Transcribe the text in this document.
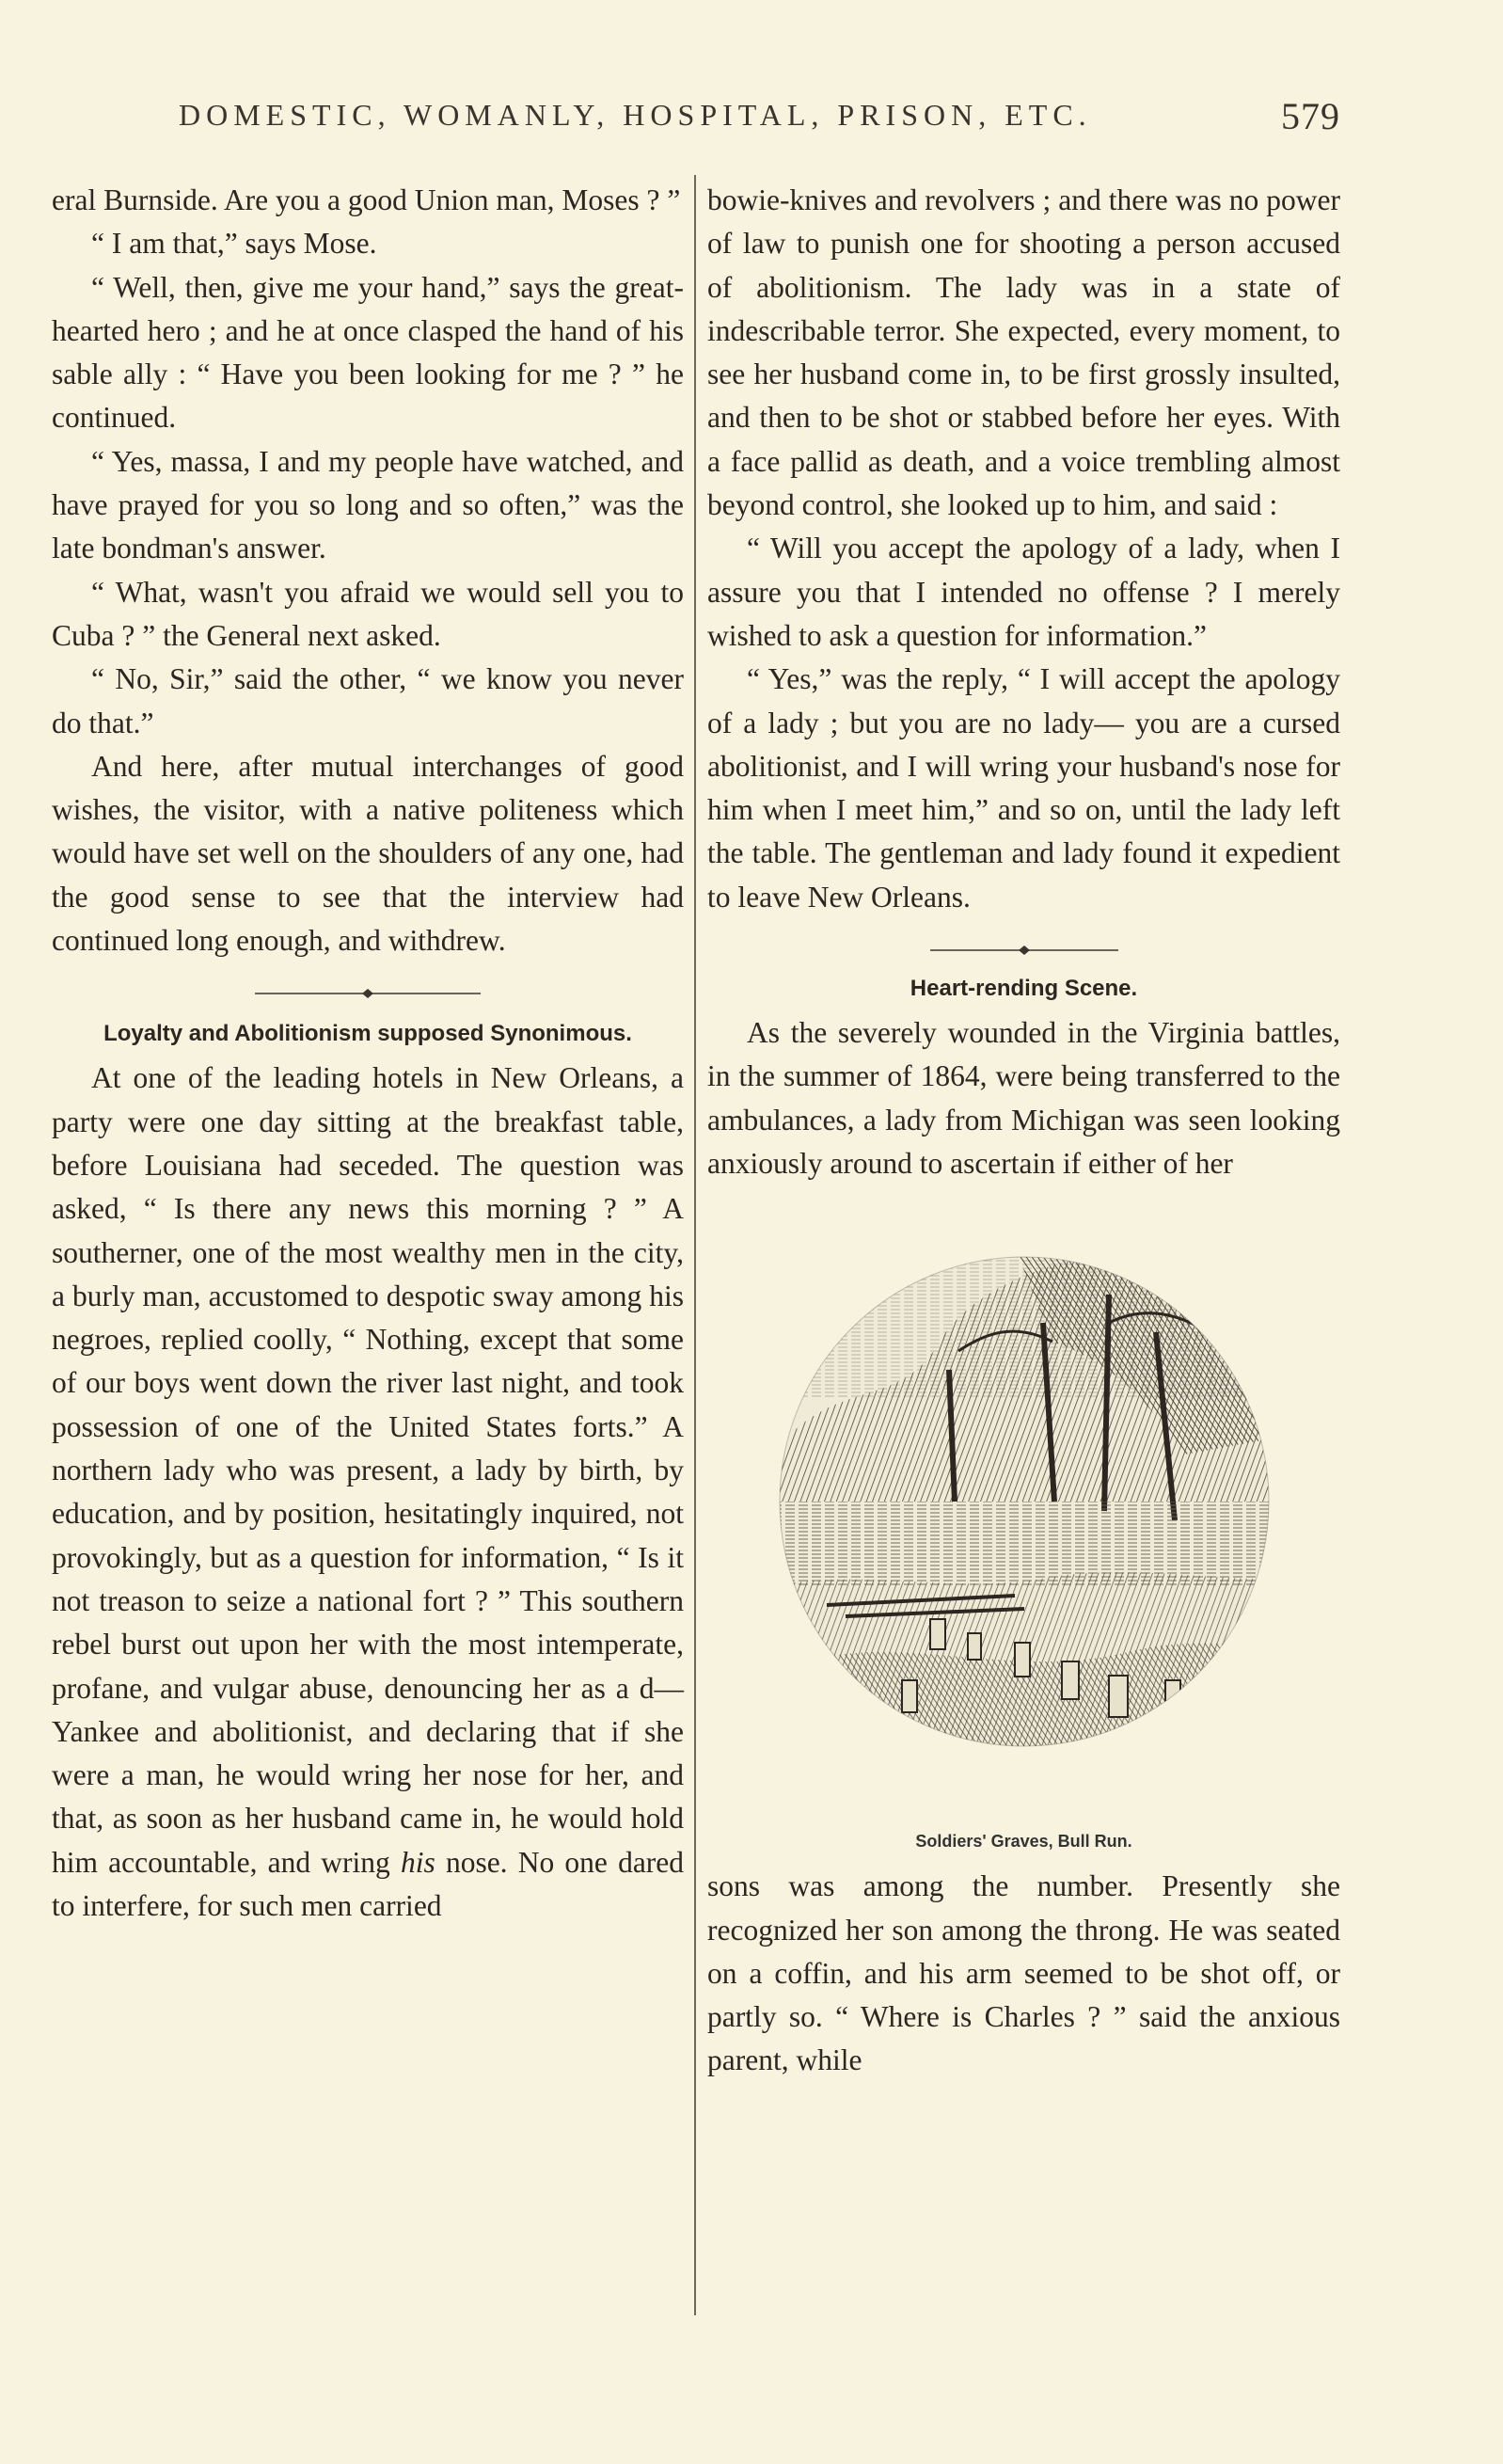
DOMESTIC, WOMANLY, HOSPITAL, PRISON, ETC.	579

eral Burnside. Are you a good Union man, Moses ? ”

“ I am that,” says Mose.

“ Well, then, give me your hand,” says the great-hearted hero ; and he at once clasped the hand of his sable ally : “ Have you been looking for me ? ” he continued.

“ Yes, massa, I and my people have watched, and have prayed for you so long and so often,” was the late bondman's answer.

“ What, wasn't you afraid we would sell you to Cuba ? ” the General next asked.

“ No, Sir,” said the other, “ we know you never do that.”

And here, after mutual interchanges of good wishes, the visitor, with a native politeness which would have set well on the shoulders of any one, had the good sense to see that the interview had continued long enough, and withdrew.

Loyalty and Abolitionism supposed Synonimous.

At one of the leading hotels in New Orleans, a party were one day sitting at the breakfast table, before Louisiana had seceded. The question was asked, “ Is there any news this morning ? ” A southerner, one of the most wealthy men in the city, a burly man, accustomed to despotic sway among his negroes, replied coolly, “ Nothing, except that some of our boys went down the river last night, and took possession of one of the United States forts.” A northern lady who was present, a lady by birth, by education, and by position, hesitatingly inquired, not provokingly, but as a question for information, “ Is it not treason to seize a national fort ? ” This southern rebel burst out upon her with the most intemperate, profane, and vulgar abuse, denouncing her as a d— Yankee and abolitionist, and declaring that if she were a man, he would wring her nose for her, and that, as soon as her husband came in, he would hold him accountable, and wring his nose. No one dared to interfere, for such men carried

bowie-knives and revolvers ; and there was no power of law to punish one for shooting a person accused of abolitionism. The lady was in a state of indescribable terror. She expected, every moment, to see her husband come in, to be first grossly insulted, and then to be shot or stabbed before her eyes. With a face pallid as death, and a voice trembling almost beyond control, she looked up to him, and said :

“ Will you accept the apology of a lady, when I assure you that I intended no offense ? I merely wished to ask a question for information.”

“ Yes,” was the reply, “ I will accept the apology of a lady ; but you are no lady— you are a cursed abolitionist, and I will wring your husband's nose for him when I meet him,” and so on, until the lady left the table. The gentleman and lady found it expedient to leave New Orleans.

Heart-rending Scene.

As the severely wounded in the Virginia battles, in the summer of 1864, were being transferred to the ambulances, a lady from Michigan was seen looking anxiously around to ascertain if either of her

Soldiers' Graves, Bull Run.

sons was among the number. Presently she recognized her son among the throng. He was seated on a coffin, and his arm seemed to be shot off, or partly so. “ Where is Charles ? ” said the anxious parent, while
